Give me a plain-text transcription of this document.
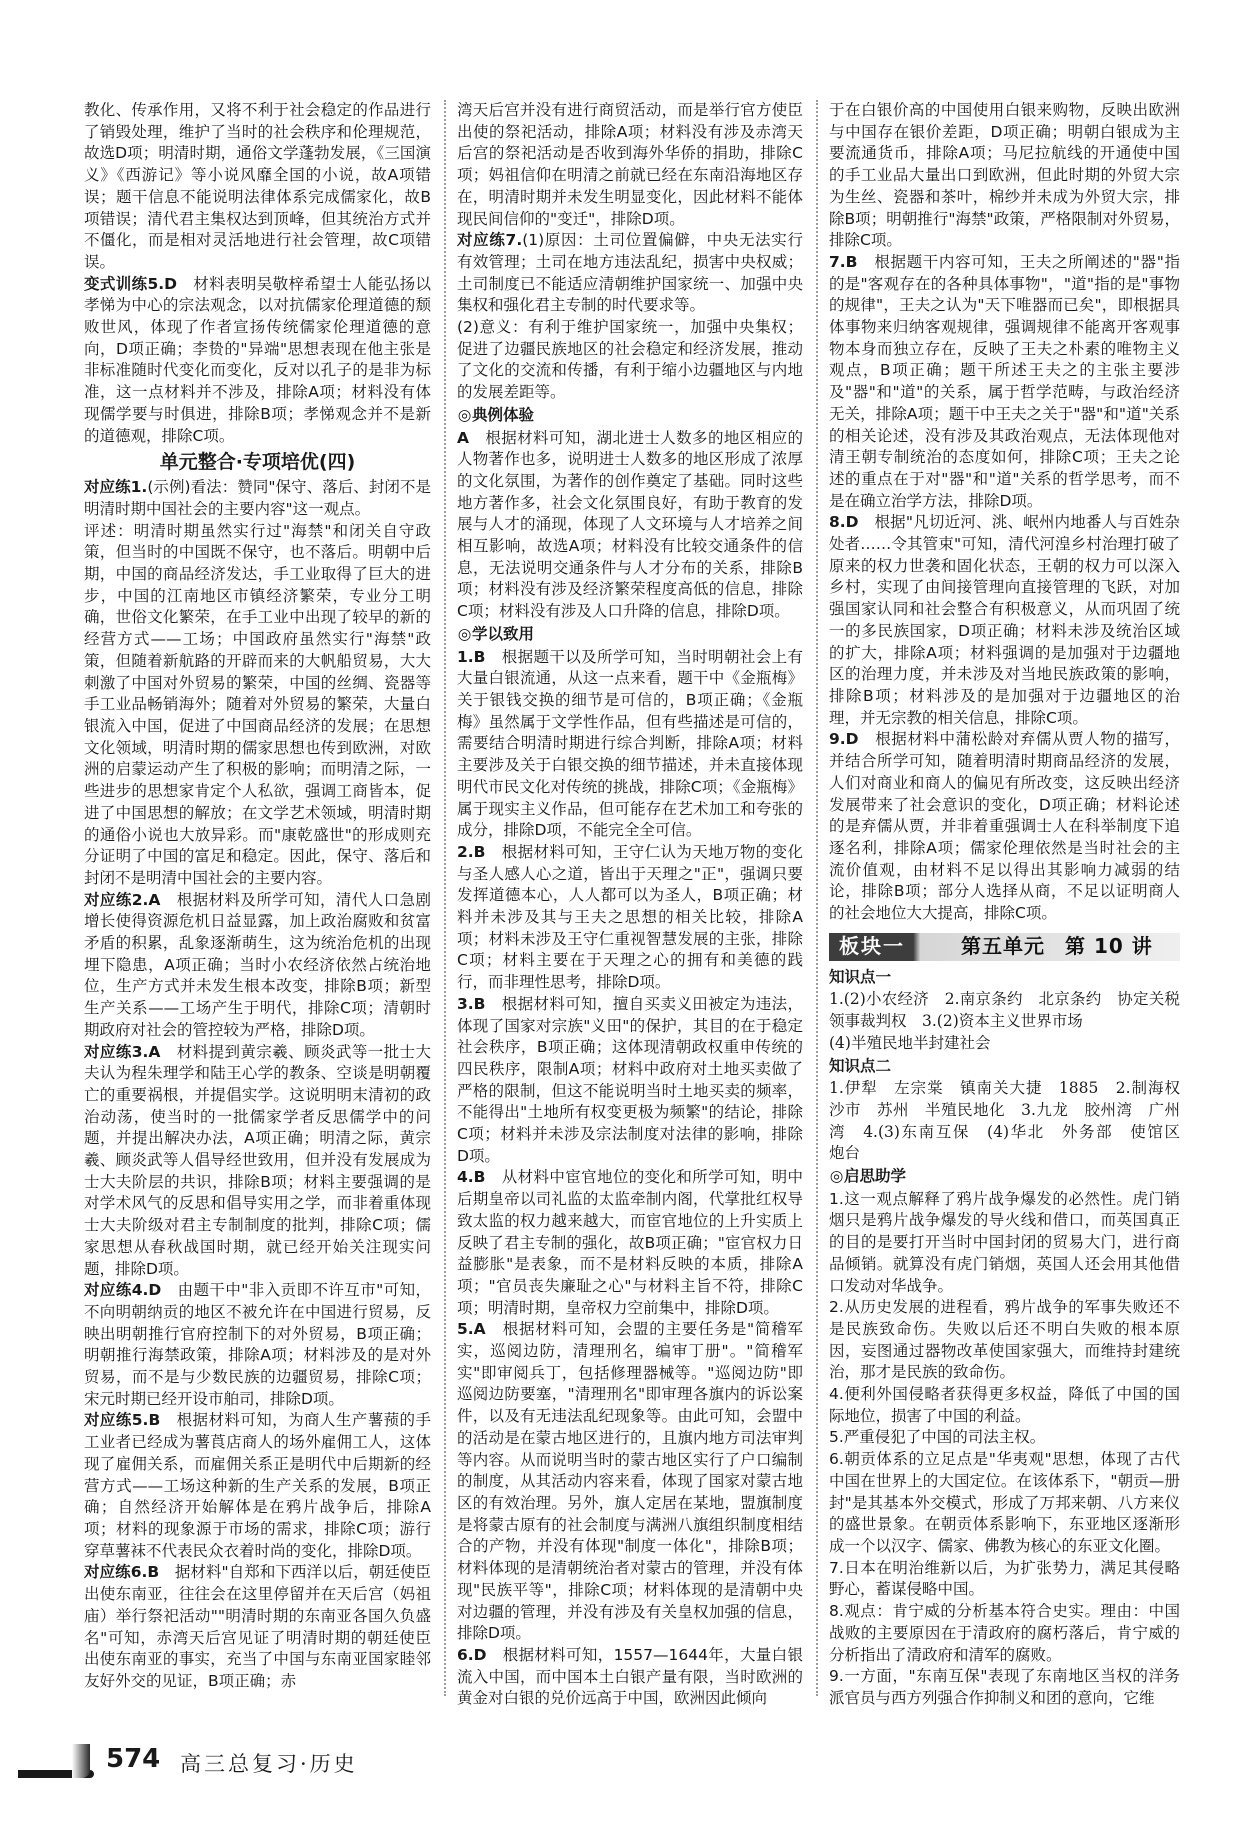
教化、传承作用，又将不利于社会稳定的作品进行了销毁处理，维护了当时的社会秩序和伦理规范，故选D项；明清时期，通俗文学蓬勃发展，《三国演义》《西游记》等小说风靡全国的小说，故A项错误；题干信息不能说明法律体系完成儒家化，故B项错误；清代君主集权达到顶峰，但其统治方式并不僵化，而是相对灵活地进行社会管理，故C项错误。

变式训练5.D　 材料表明吴敬梓希望士人能弘扬以孝悌为中心的宗法观念，以对抗儒家伦理道德的颓败世风，体现了作者宣扬传统儒家伦理道德的意向，D项正确；李贽的"异端"思想表现在他主张是非标准随时代变化而变化，反对以孔子的是非为标准，这一点材料并不涉及，排除A项；材料没有体现儒学要与时俱进，排除B项；孝悌观念并不是新的道德观，排除C项。

单元整合·专项培优(四)

对应练1.(示例)看法：赞同"保守、落后、封闭不是明清时期中国社会的主要内容"这一观点。

评述：明清时期虽然实行过"海禁"和闭关自守政策，但当时的中国既不保守，也不落后。明朝中后期，中国的商品经济发达，手工业取得了巨大的进步，中国的江南地区市镇经济繁荣，专业分工明确，世俗文化繁荣，在手工业中出现了较早的新的经营方式——工场；中国政府虽然实行"海禁"政策，但随着新航路的开辟而来的大帆船贸易，大大刺激了中国对外贸易的繁荣，中国的丝绸、瓷器等手工业品畅销海外；随着对外贸易的繁荣，大量白银流入中国，促进了中国商品经济的发展；在思想文化领域，明清时期的儒家思想也传到欧洲，对欧洲的启蒙运动产生了积极的影响；而明清之际，一些进步的思想家肯定个人私欲，强调工商皆本，促进了中国思想的解放；在文学艺术领域，明清时期的通俗小说也大放异彩。而"康乾盛世"的形成则充分证明了中国的富足和稳定。因此，保守、落后和封闭不是明清中国社会的主要内容。

对应练2.A　 根据材料及所学可知，清代人口急剧增长使得资源危机日益显露，加上政治腐败和贫富矛盾的积累，乱象逐渐萌生，这为统治危机的出现埋下隐患，A项正确；当时小农经济依然占统治地位，生产方式并未发生根本改变，排除B项；新型生产关系——工场产生于明代，排除C项；清朝时期政府对社会的管控较为严格，排除D项。

对应练3.A　 材料提到黄宗羲、顾炎武等一批士大夫认为程朱理学和陆王心学的教条、空谈是明朝覆亡的重要祸根，并提倡实学。这说明明末清初的政治动荡，使当时的一批儒家学者反思儒学中的问题，并提出解决办法，A项正确；明清之际，黄宗羲、顾炎武等人倡导经世致用，但并没有发展成为士大夫阶层的共识，排除B项；材料主要强调的是对学术风气的反思和倡导实用之学，而非着重体现士大夫阶级对君主专制制度的批判，排除C项；儒家思想从春秋战国时期，就已经开始关注现实问题，排除D项。

对应练4.D　 由题干中"非入贡即不许互市"可知，不向明朝纳贡的地区不被允许在中国进行贸易，反映出明朝推行官府控制下的对外贸易，B项正确；明朝推行海禁政策，排除A项；材料涉及的是对外贸易，而不是与少数民族的边疆贸易，排除C项；宋元时期已经开设市舶司，排除D项。

对应练5.B　 根据材料可知，为商人生产薯蓣的手工业者已经成为薯莨店商人的场外雇佣工人，这体现了雇佣关系，而雇佣关系正是明代中后期新的经营方式——工场这种新的生产关系的发展，B项正确；自然经济开始解体是在鸦片战争后，排除A项；材料的现象源于市场的需求，排除C项；游行穿草薯袜不代表民众衣着时尚的变化，排除D项。

对应练6.B　 据材料"自郑和下西洋以后，朝廷使臣出使东南亚，往往会在这里停留并在天后宫（妈祖庙）举行祭祀活动""明清时期的东南亚各国久负盛名"可知，赤湾天后宫见证了明清时期的朝廷使臣出使东南亚的事实，充当了中国与东南亚国家睦邻友好外交的见证，B项正确；赤

湾天后宫并没有进行商贸活动，而是举行官方使臣出使的祭祀活动，排除A项；材料没有涉及赤湾天后宫的祭祀活动是否收到海外华侨的捐助，排除C项；妈祖信仰在明清之前就已经在东南沿海地区存在，明清时期并未发生明显变化，因此材料不能体现民间信仰的"变迁"，排除D项。

对应练7.(1)原因：土司位置偏僻，中央无法实行有效管理；土司在地方违法乱纪，损害中央权威；土司制度已不能适应清朝维护国家统一、加强中央集权和强化君主专制的时代要求等。

(2)意义：有利于维护国家统一，加强中央集权；促进了边疆民族地区的社会稳定和经济发展，推动了文化的交流和传播，有利于缩小边疆地区与内地的发展差距等。

◎典例体验

A　 根据材料可知，湖北进士人数多的地区相应的人物著作也多，说明进士人数多的地区形成了浓厚的文化氛围，为著作的创作奠定了基础。同时这些地方著作多，社会文化氛围良好，有助于教育的发展与人才的涌现，体现了人文环境与人才培养之间相互影响，故选A项；材料没有比较交通条件的信息，无法说明交通条件与人才分布的关系，排除B项；材料没有涉及经济繁荣程度高低的信息，排除C项；材料没有涉及人口升降的信息，排除D项。

◎学以致用

1.B　 根据题干以及所学可知，当时明朝社会上有大量白银流通，从这一点来看，题干中《金瓶梅》关于银钱交换的细节是可信的，B项正确；《金瓶梅》虽然属于文学性作品，但有些描述是可信的，需要结合明清时期进行综合判断，排除A项；材料主要涉及关于白银交换的细节描述，并未直接体现明代市民文化对传统的挑战，排除C项；《金瓶梅》属于现实主义作品，但可能存在艺术加工和夸张的成分，排除D项，不能完全全可信。

2.B　 根据材料可知，王守仁认为天地万物的变化与圣人感人心之道，皆出于天理之"正"，强调只要发挥道德本心，人人都可以为圣人，B项正确；材料并未涉及其与王夫之思想的相关比较，排除A项；材料未涉及王守仁重视智慧发展的主张，排除C项；材料主要在于天理之心的拥有和美德的践行，而非理性思考，排除D项。

3.B　 根据材料可知，擅自买卖义田被定为违法，体现了国家对宗族"义田"的保护，其目的在于稳定社会秩序，B项正确；这体现清朝政权重申传统的四民秩序，限制A项；材料中政府对土地买卖做了严格的限制，但这不能说明当时土地买卖的频率，不能得出"土地所有权变更极为频繁"的结论，排除C项；材料并未涉及宗法制度对法律的影响，排除D项。

4.B　 从材料中宦官地位的变化和所学可知，明中后期皇帝以司礼监的太监牵制内阁，代掌批红权导致太监的权力越来越大，而宦官地位的上升实质上反映了君主专制的强化，故B项正确；"宦官权力日益膨胀"是表象，而不是材料反映的本质，排除A项；"官员丧失廉耻之心"与材料主旨不符，排除C项；明清时期，皇帝权力空前集中，排除D项。

5.A　 根据材料可知，会盟的主要任务是"简稽军实，巡阅边防，清理刑名，编审丁册"。"简稽军实"即审阅兵丁，包括修理器械等。"巡阅边防"即巡阅边防要塞，"清理刑名"即审理各旗内的诉讼案件，以及有无违法乱纪现象等。由此可知，会盟中的活动是在蒙古地区进行的，且旗内地方司法审判等内容。从而说明当时的蒙古地区实行了户口编制的制度，从其活动内容来看，体现了国家对蒙古地区的有效治理。另外，旗人定居在某地，盟旗制度是将蒙古原有的社会制度与满洲八旗组织制度相结合的产物，并没有体现"制度一体化"，排除B项；材料体现的是清朝统治者对蒙古的管理，并没有体现"民族平等"，排除C项；材料体现的是清朝中央对边疆的管理，并没有涉及有关皇权加强的信息，排除D项。

6.D　 根据材料可知，1557—1644年，大量白银流入中国，而中国本土白银产量有限，当时欧洲的黄金对白银的兑价远高于中国，欧洲因此倾向

于在白银价高的中国使用白银来购物，反映出欧洲与中国存在银价差距，D项正确；明朝白银成为主要流通货币，排除A项；马尼拉航线的开通使中国的手工业品大量出口到欧洲，但此时期的外贸大宗为生丝、瓷器和茶叶，棉纱并未成为外贸大宗，排除B项；明朝推行"海禁"政策，严格限制对外贸易，排除C项。

7.B　 根据题干内容可知，王夫之所阐述的"器"指的是"客观存在的各种具体事物"，"道"指的是"事物的规律"，王夫之认为"天下唯器而已矣"，即根据具体事物来归纳客观规律，强调规律不能离开客观事物本身而独立存在，反映了王夫之朴素的唯物主义观点，B项正确；题干所述王夫之的主张主要涉及"器"和"道"的关系，属于哲学范畴，与政治经济无关，排除A项；题干中王夫之关于"器"和"道"关系的相关论述，没有涉及其政治观点，无法体现他对清王朝专制统治的态度如何，排除C项；王夫之论述的重点在于对"器"和"道"关系的哲学思考，而不是在确立治学方法，排除D项。

8.D　 根据"凡切近河、洮、岷州内地番人与百姓杂处者……令其管束"可知，清代河湟乡村治理打破了原来的权力世袭和固化状态，王朝的权力可以深入乡村，实现了由间接管理向直接管理的飞跃，对加强国家认同和社会整合有积极意义，从而巩固了统一的多民族国家，D项正确；材料未涉及统治区域的扩大，排除A项；材料强调的是加强对于边疆地区的治理力度，并未涉及对当地民族政策的影响，排除B项；材料涉及的是加强对于边疆地区的治理，并无宗教的相关信息，排除C项。

9.D　 根据材料中蒲松龄对弃儒从贾人物的描写，并结合所学可知，随着明清时期商品经济的发展，人们对商业和商人的偏见有所改变，这反映出经济发展带来了社会意识的变化，D项正确；材料论述的是弃儒从贾，并非着重强调士人在科举制度下追逐名利，排除A项；儒家伦理依然是当时社会的主流价值观，由材料不足以得出其影响力减弱的结论，排除B项；部分人选择从商，不足以证明商人的社会地位大大提高，排除C项。

板块一	第五单元	第 10 讲
知识点一

1.(2)小农经济　2.南京条约　北京条约　协定关税　领事裁判权　3.(2)资本主义世界市场

(4)半殖民地半封建社会

知识点二

1.伊犁　左宗棠　镇南关大捷　1885　2.制海权　沙市　苏州　半殖民地化　3.九龙　胶州湾　广州湾　4.(3)东南互保　(4)华北　外务部　使馆区　炮台

◎启思助学

1.这一观点解释了鸦片战争爆发的必然性。虎门销烟只是鸦片战争爆发的导火线和借口，而英国真正的目的是要打开当时中国封闭的贸易大门，进行商品倾销。就算没有虎门销烟，英国人还会用其他借口发动对华战争。

2.从历史发展的进程看，鸦片战争的军事失败还不是民族致命伤。失败以后还不明白失败的根本原因，妄图通过器物改革使国家强大，而维持封建统治，那才是民族的致命伤。

4.便利外国侵略者获得更多权益，降低了中国的国际地位，损害了中国的利益。

5.严重侵犯了中国的司法主权。

6.朝贡体系的立足点是"华夷观"思想，体现了古代中国在世界上的大国定位。在该体系下，"朝贡—册封"是其基本外交模式，形成了万邦来朝、八方来仪的盛世景象。在朝贡体系影响下，东亚地区逐渐形成一个以汉字、儒家、佛教为核心的东亚文化圈。

7.日本在明治维新以后，为扩张势力，满足其侵略野心，蓄谋侵略中国。

8.观点：肯宁威的分析基本符合史实。理由：中国战败的主要原因在于清政府的腐朽落后，肯宁威的分析指出了清政府和清军的腐败。

9.一方面，"东南互保"表现了东南地区当权的洋务派官员与西方列强合作抑制义和团的意向，它维

574 高三总复习·历史
